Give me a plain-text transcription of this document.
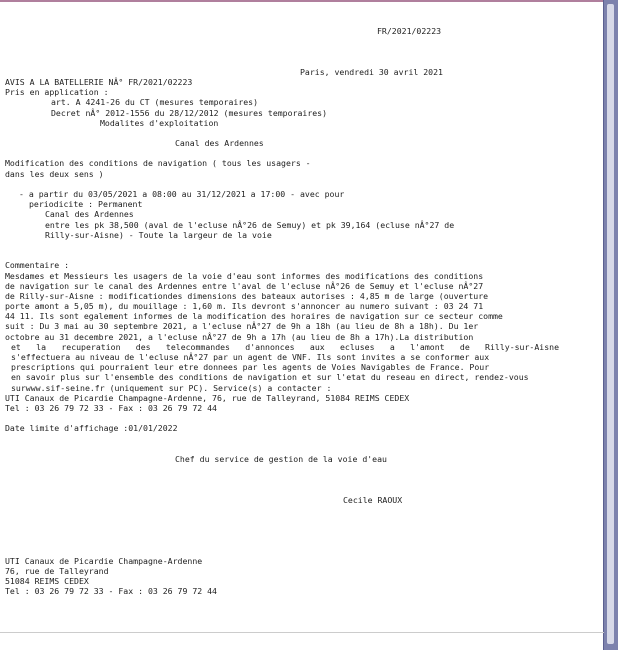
FR/2021/02223
Paris, vendredi 30 avril 2021
AVIS A LA BATELLERIE NÂ° FR/2021/02223
Pris en application :
art. A 4241-26 du CT (mesures temporaires)
Decret nÂ° 2012-1556 du 28/12/2012 (mesures temporaires)
Modalites d'exploitation
Canal des Ardennes
Modification des conditions de navigation ( tous les usagers -
dans les deux sens )
- a partir du 03/05/2021 a 08:00 au 31/12/2021 a 17:00 - avec pour
periodicite : Permanent
Canal des Ardennes
entre les pk 38,500 (aval de l'ecluse nÂ°26 de Semuy) et pk 39,164 (ecluse nÂ°27 de
Rilly-sur-Aisne) - Toute la largeur de la voie
Commentaire :
Mesdames et Messieurs les usagers de la voie d'eau sont informes des modifications des conditions
de navigation sur le canal des Ardennes entre l'aval de l'ecluse nÂ°26 de Semuy et l'ecluse nÂ°27
de Rilly-sur-Aisne : modificationdes dimensions des bateaux autorises : 4,85 m de large (ouverture
porte amont a 5,05 m), du mouillage : 1,60 m. Ils devront s'annoncer au numero suivant : 03 24 71
44 11. Ils sont egalement informes de la modification des horaires de navigation sur ce secteur comme
suit : Du 3 mai au 30 septembre 2021, a l'ecluse nÂ°27 de 9h a 18h (au lieu de 8h a 18h). Du 1er
octobre au 31 decembre 2021, a l'ecluse nÂ°27 de 9h a 17h (au lieu de 8h a 17h).La distribution
et la recuperation des telecommandes d'annonces aux ecluses a l'amont de Rilly-sur-Aisne
s'effectuera au niveau de l'ecluse nÂ°27 par un agent de VNF. Ils sont invites a se conformer aux
prescriptions qui pourraient leur etre donnees par les agents de Voies Navigables de France. Pour
en savoir plus sur l'ensemble des conditions de navigation et sur l'etat du reseau en direct, rendez-vous
surwww.sif-seine.fr (uniquement sur PC). Service(s) a contacter :
UTI Canaux de Picardie Champagne-Ardenne, 76, rue de Talleyrand, 51084 REIMS CEDEX
Tel : 03 26 79 72 33 - Fax : 03 26 79 72 44
Date limite d'affichage :01/01/2022
Chef du service de gestion de la voie d'eau
Cecile RAOUX
UTI Canaux de Picardie Champagne-Ardenne
76, rue de Talleyrand
51084 REIMS CEDEX
Tel : 03 26 79 72 33 - Fax : 03 26 79 72 44
